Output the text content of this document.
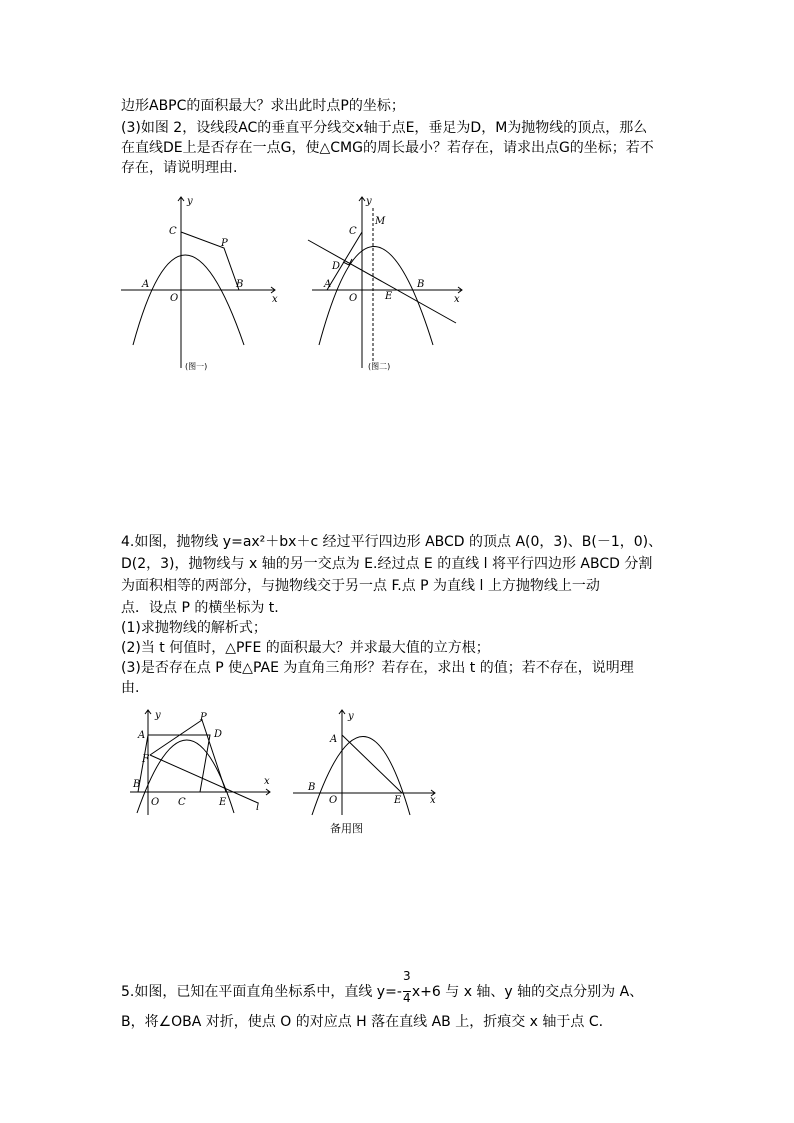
边形ABPC的面积最大？求出此时点P的坐标；

(3)如图 2，设线段AC的垂直平分线交x轴于点E，垂足为D，M为抛物线的顶点，那么

在直线DE上是否存在一点G，使△CMG的周长最小？若存在，请求出点G的坐标；若不

存在，请说明理由.

y
x
O
A	B
C
P
(图一)
y
x
O
A	B
C
D
E
M
(图二)

4.如图，抛物线 y=ax²＋bx＋c 经过平行四边形 ABCD 的顶点 A(0，3)、B(－1，0)、

D(2，3)，抛物线与 x 轴的另一交点为 E.经过点 E 的直线 l 将平行四边形 ABCD 分割

为面积相等的两部分，与抛物线交于另一点 F.点 P 为直线 l 上方抛物线上一动

点．设点 P 的横坐标为 t.

(1)求抛物线的解析式；

(2)当 t 何值时，△PFE 的面积最大？并求最大值的立方根；

(3)是否存在点 P 使△PAE 为直角三角形？若存在，求出 t 的值；若不存在，说明理

由.

y
x
O
B
C	E
A
P
D
F
l
y
x
O
B
A
E
备用图

5.如图，已知在平面直角坐标系中，直线 $y=- \frac{3}{4} x+6$ 与 x 轴、y 轴的交点分别为 A、

B，将∠OBA 对折，使点 O 的对应点 H 落在直线 AB 上，折痕交 x 轴于点 C.
